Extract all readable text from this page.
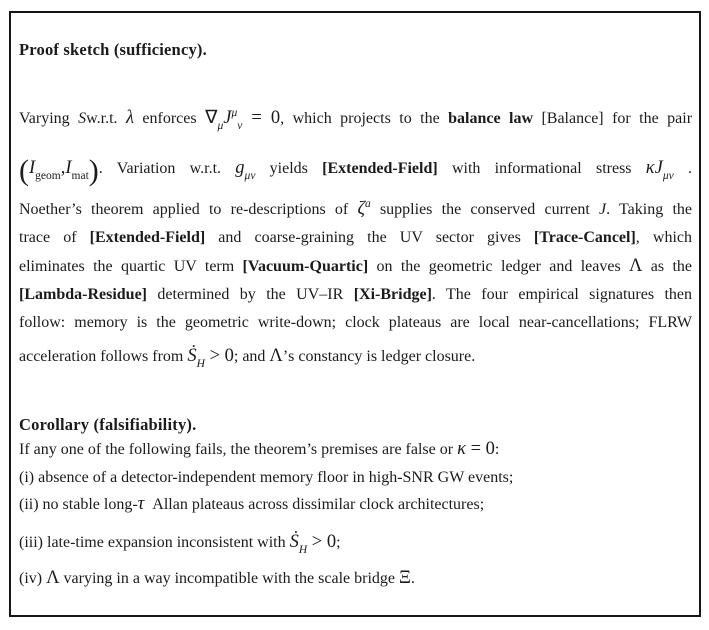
Proof sketch (sufficiency).
Varying Sw.r.t. λ enforces $\nabla_\mu J^\mu_\nu = 0$, which projects to the balance law [Balance] for the pair
$(I_{geom},I_{mat})$. Variation w.r.t. $g_{\mu\nu}$ yields [Extended-Field] with informational stress $\kappa J_{\mu\nu}$ .
Noether’s theorem applied to re-descriptions of $\zeta^a$ supplies the conserved current J. Taking the
trace of [Extended-Field] and coarse-graining the UV sector gives [Trace-Cancel], which
eliminates the quartic UV term [Vacuum-Quartic] on the geometric ledger and leaves Λ as the
[Lambda-Residue] determined by the UV–IR [Xi-Bridge]. The four empirical signatures then
follow: memory is the geometric write-down; clock plateaus are local near-cancellations; FLRW
acceleration follows from Ṡ$_H$ > 0; and Λ’s constancy is ledger closure.
Corollary (falsifiability).
If any one of the following fails, the theorem’s premises are false or κ = 0:
(i) absence of a detector-independent memory floor in high-SNR GW events;
(ii) no stable long-τ Allan plateaus across dissimilar clock architectures;
(iii) late-time expansion inconsistent with Ṡ$_H$ > 0;
(iv) Λ varying in a way incompatible with the scale bridge Ξ.
